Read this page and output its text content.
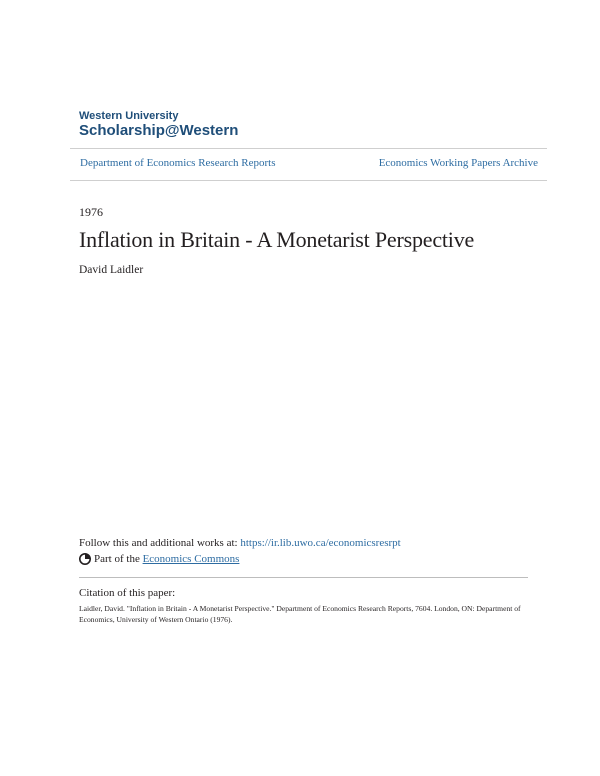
Western University
Scholarship@Western
Department of Economics Research Reports	Economics Working Papers Archive
1976
Inflation in Britain - A Monetarist Perspective
David Laidler
Follow this and additional works at: https://ir.lib.uwo.ca/economicsresrpt
Part of the
Economics Commons
Citation of this paper:
Laidler, David. "Inflation in Britain - A Monetarist Perspective." Department of Economics Research Reports, 7604. London, ON: Department of Economics, University of Western Ontario (1976).
